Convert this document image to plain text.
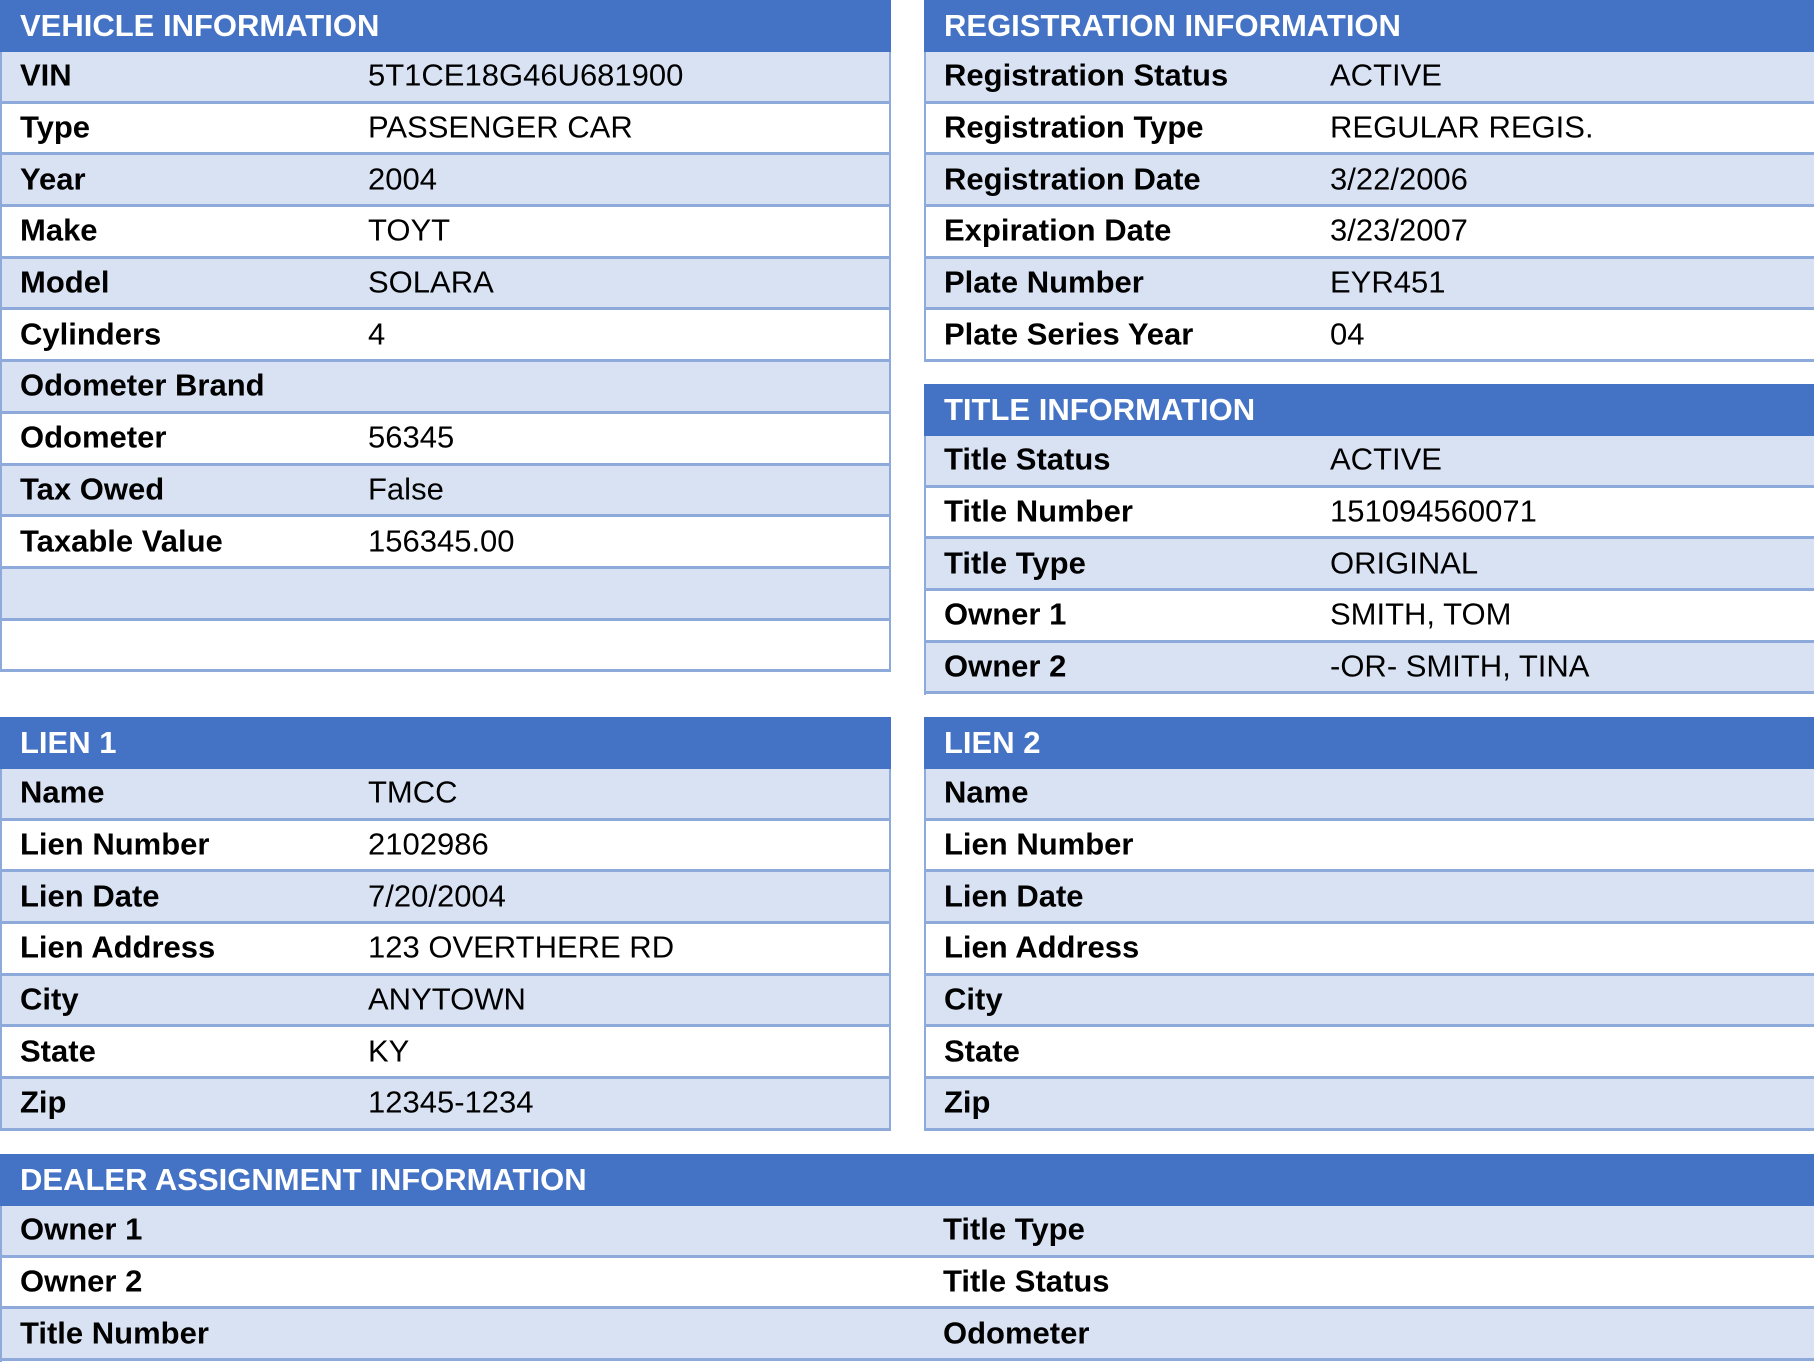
VEHICLE INFORMATION
VIN	5T1CE18G46U681900
Type	PASSENGER CAR
Year	2004
Make	TOYT
Model	SOLARA
Cylinders	4
Odometer Brand
Odometer	56345
Tax Owed	False
Taxable Value	156345.00
REGISTRATION INFORMATION
Registration Status	ACTIVE
Registration Type	REGULAR REGIS.
Registration Date	3/22/2006
Expiration Date	3/23/2007
Plate Number	EYR451
Plate Series Year	04
TITLE INFORMATION
Title Status	ACTIVE
Title Number	151094560071
Title Type	ORIGINAL
Owner 1	SMITH, TOM
Owner 2	-OR- SMITH, TINA
LIEN 1
Name	TMCC
Lien Number	2102986
Lien Date	7/20/2004
Lien Address	123 OVERTHERE RD
City	ANYTOWN
State	KY
Zip	12345-1234
LIEN 2
Name
Lien Number
Lien Date
Lien Address
City
State
Zip
DEALER ASSIGNMENT INFORMATION
Owner 1	Title Type
Owner 2	Title Status
Title Number	Odometer
